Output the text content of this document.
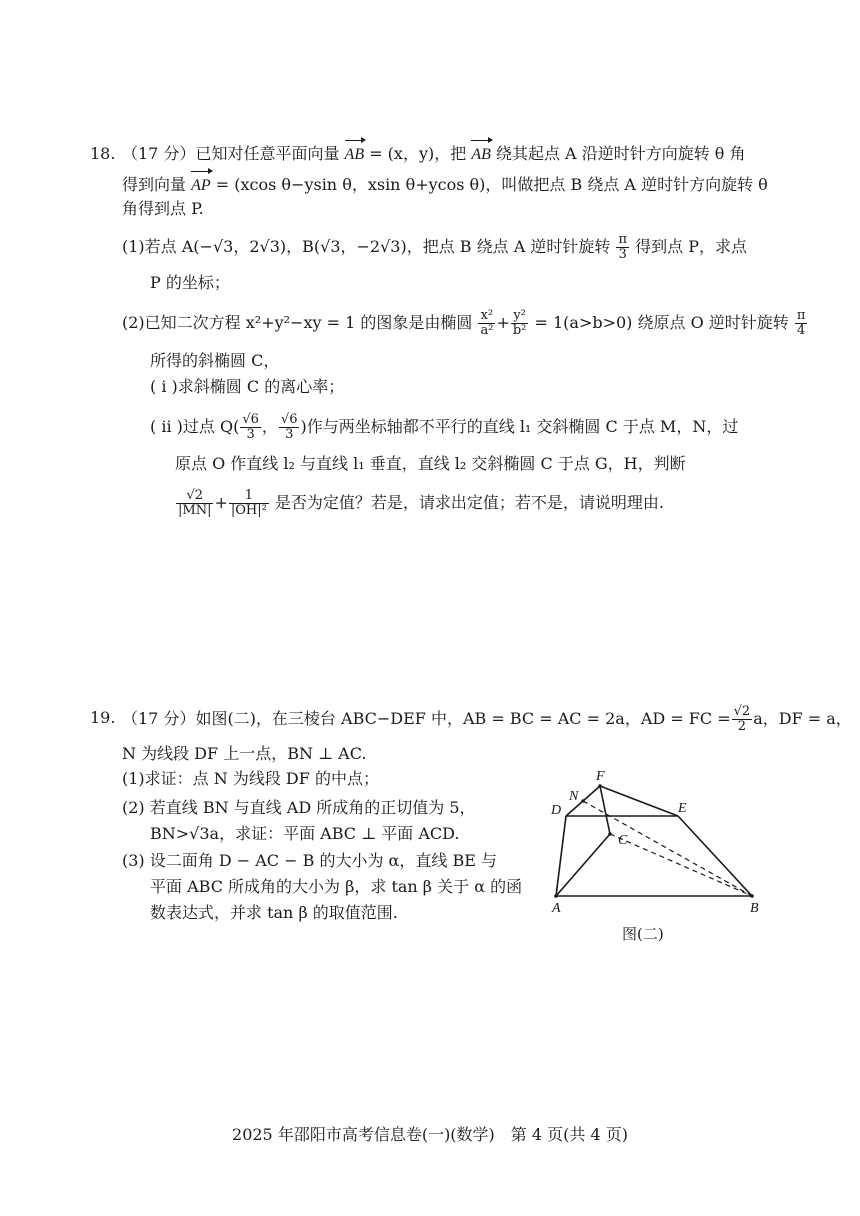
18. （17 分）已知对任意平面向量 AB = (x，y)，把 AB 绕其起点 A 沿逆时针方向旋转 θ 角
得到向量 AP = (xcos θ−ysin θ，xsin θ+ycos θ)，叫做把点 B 绕点 A 逆时针方向旋转 θ
角得到点 P.
(1)若点 A(−√3，2√3)，B(√3，−2√3)，把点 B 绕点 A 逆时针旋转 $\frac{\pi}{3}$ 得到点 P，求点
P 的坐标；
(2)已知二次方程 x²+y²−xy = 1 的图象是由椭圆 $\frac{\text{x²}}{\text{a²}} + \frac{\text{y²}}{\text{b²}} = 1(a>b>0)$ 绕原点 O 逆时针旋转 $\frac{\pi}{4}$
所得的斜椭圆 C，
( ⅰ )求斜椭圆 C 的离心率；
( ⅱ )过点 $Q( \frac{√6}{3}$ ， $\frac{√6}{3}$ )作与两坐标轴都不平行的直线 l₁ 交斜椭圆 C 于点 M，N，过
原点 O 作直线 l₂ 与直线 l₁ 垂直，直线 l₂ 交斜椭圆 C 于点 G，H，判断
$\frac{√2}{|MN|} + \frac{1}{\text{|OH|²}}$ 是否为定值？若是，请求出定值；若不是，请说明理由.
19. （17 分）如图(二)，在三棱台 ABC−DEF 中，AB = BC = AC = 2a，AD = FC = $\frac{√2}{2}$ a，DF = a，
N 为线段 DF 上一点，BN ⊥ AC.
(1)求证：点 N 为线段 DF 的中点；
(2) 若直线 BN 与直线 AD 所成角的正切值为 5，
BN>√3a，求证：平面 ABC ⊥ 平面 ACD.
(3) 设二面角 D − AC − B 的大小为 α，直线 BE 与
平面 ABC 所成角的大小为 β，求 tan β 关于 α 的函
数表达式，并求 tan β 的取值范围.
F
N
D	E
C
A	B
图(二)
2025 年邵阳市高考信息卷(一)(数学)　第 4 页(共 4 页)
